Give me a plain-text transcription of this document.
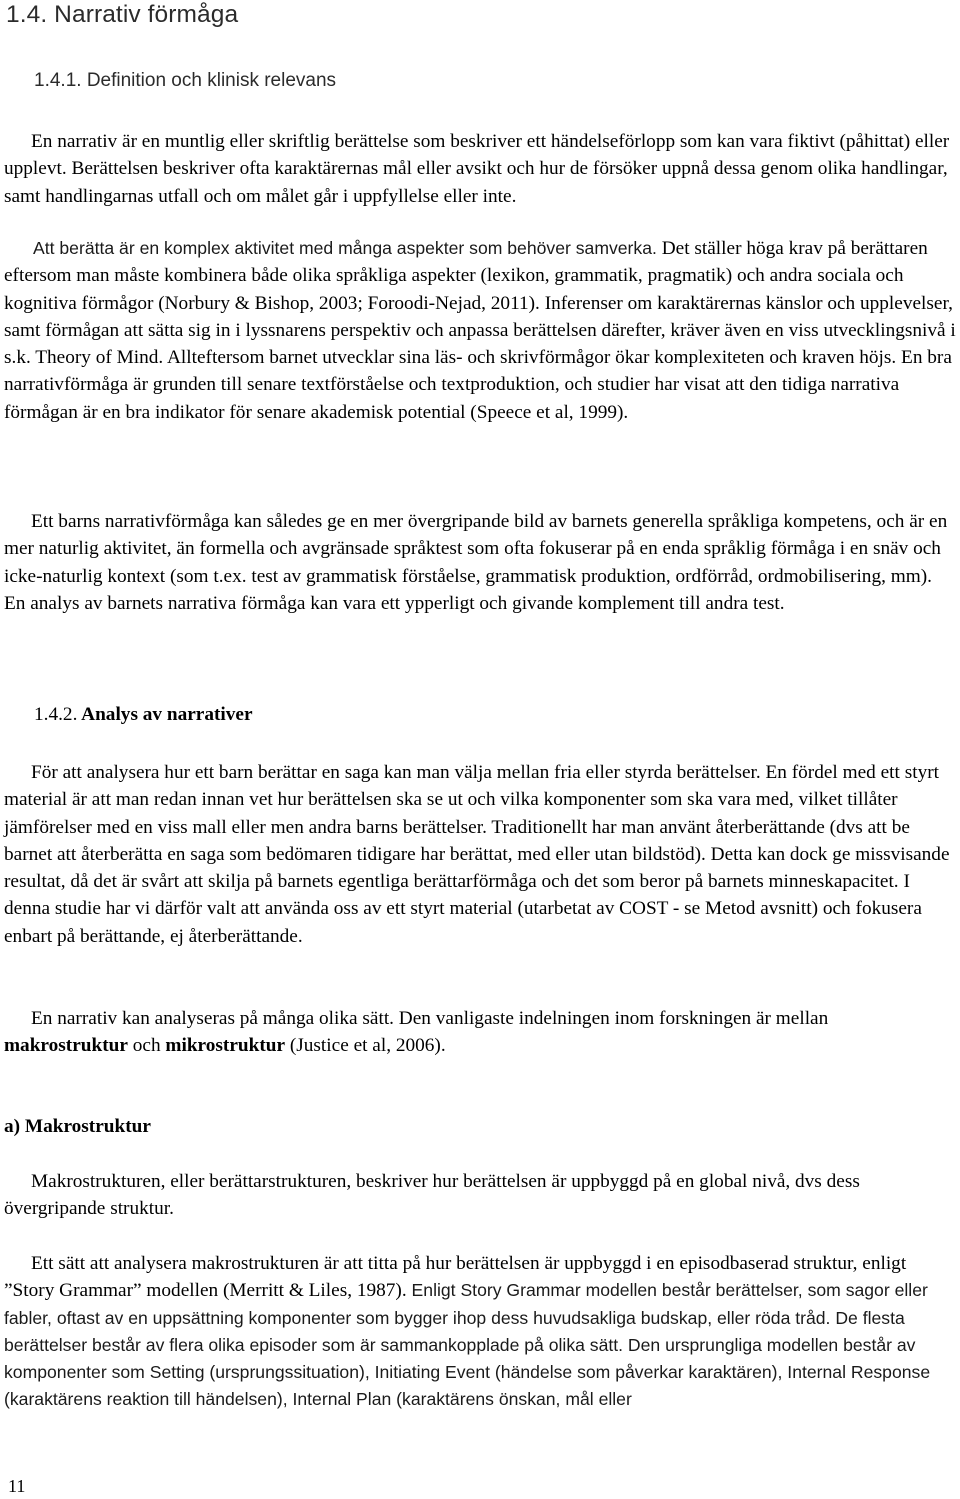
1.4. Narrativ förmåga
1.4.1. Definition och klinisk relevans

En narrativ är en muntlig eller skriftlig berättelse som beskriver ett händelseförlopp som kan vara fiktivt (påhittat) eller upplevt. Berättelsen beskriver ofta karaktärernas mål eller avsikt och hur de försöker uppnå dessa genom olika handlingar, samt handlingarnas utfall och om målet går i uppfyllelse eller inte.

Att berätta är en komplex aktivitet med många aspekter som behöver samverka. Det ställer höga krav på berättaren eftersom man måste kombinera både olika språkliga aspekter (lexikon, grammatik, pragmatik) och andra sociala och kognitiva förmågor (Norbury & Bishop, 2003; Foroodi-Nejad, 2011). Inferenser om karaktärernas känslor och upplevelser, samt förmågan att sätta sig in i lyssnarens perspektiv och anpassa berättelsen därefter, kräver även en viss utvecklingsnivå i s.k. Theory of Mind. Allteftersom barnet utvecklar sina läs- och skrivförmågor ökar komplexiteten och kraven höjs. En bra narrativförmåga är grunden till senare textförståelse och textproduktion, och studier har visat att den tidiga narrativa förmågan är en bra indikator för senare akademisk potential (Speece et al, 1999).

Ett barns narrativförmåga kan således ge en mer övergripande bild av barnets generella språkliga kompetens, och är en mer naturlig aktivitet, än formella och avgränsade språktest som ofta fokuserar på en enda språklig förmåga i en snäv och icke-naturlig kontext (som t.ex. test av grammatisk förståelse, grammatisk produktion, ordförråd, ordmobilisering, mm). En analys av barnets narrativa förmåga kan vara ett ypperligt och givande komplement till andra test.

1.4.2. Analys av narrativer

För att analysera hur ett barn berättar en saga kan man välja mellan fria eller styrda berättelser. En fördel med ett styrt material är att man redan innan vet hur berättelsen ska se ut och vilka komponenter som ska vara med, vilket tillåter jämförelser med en viss mall eller men andra barns berättelser. Traditionellt har man använt återberättande (dvs att be barnet att återberätta en saga som bedömaren tidigare har berättat, med eller utan bildstöd). Detta kan dock ge missvisande resultat, då det är svårt att skilja på barnets egentliga berättarförmåga och det som beror på barnets minneskapacitet. I denna studie har vi därför valt att använda oss av ett styrt material (utarbetat av COST - se Metod avsnitt) och fokusera enbart på berättande, ej återberättande.

En narrativ kan analyseras på många olika sätt. Den vanligaste indelningen inom forskningen är mellan makrostruktur och mikrostruktur (Justice et al, 2006).

a) Makrostruktur

Makrostrukturen, eller berättarstrukturen, beskriver hur berättelsen är uppbyggd på en global nivå, dvs dess övergripande struktur.

Ett sätt att analysera makrostrukturen är att titta på hur berättelsen är uppbyggd i en episodbaserad struktur, enligt ”Story Grammar” modellen (Merritt & Liles, 1987). Enligt Story Grammar modellen består berättelser, som sagor eller fabler, oftast av en uppsättning komponenter som bygger ihop dess huvudsakliga budskap, eller röda tråd. De flesta berättelser består av flera olika episoder som är sammankopplade på olika sätt. Den ursprungliga modellen består av komponenter som Setting (ursprungssituation), Initiating Event (händelse som påverkar karaktären), Internal Response (karaktärens reaktion till händelsen), Internal Plan (karaktärens önskan, mål eller

11
